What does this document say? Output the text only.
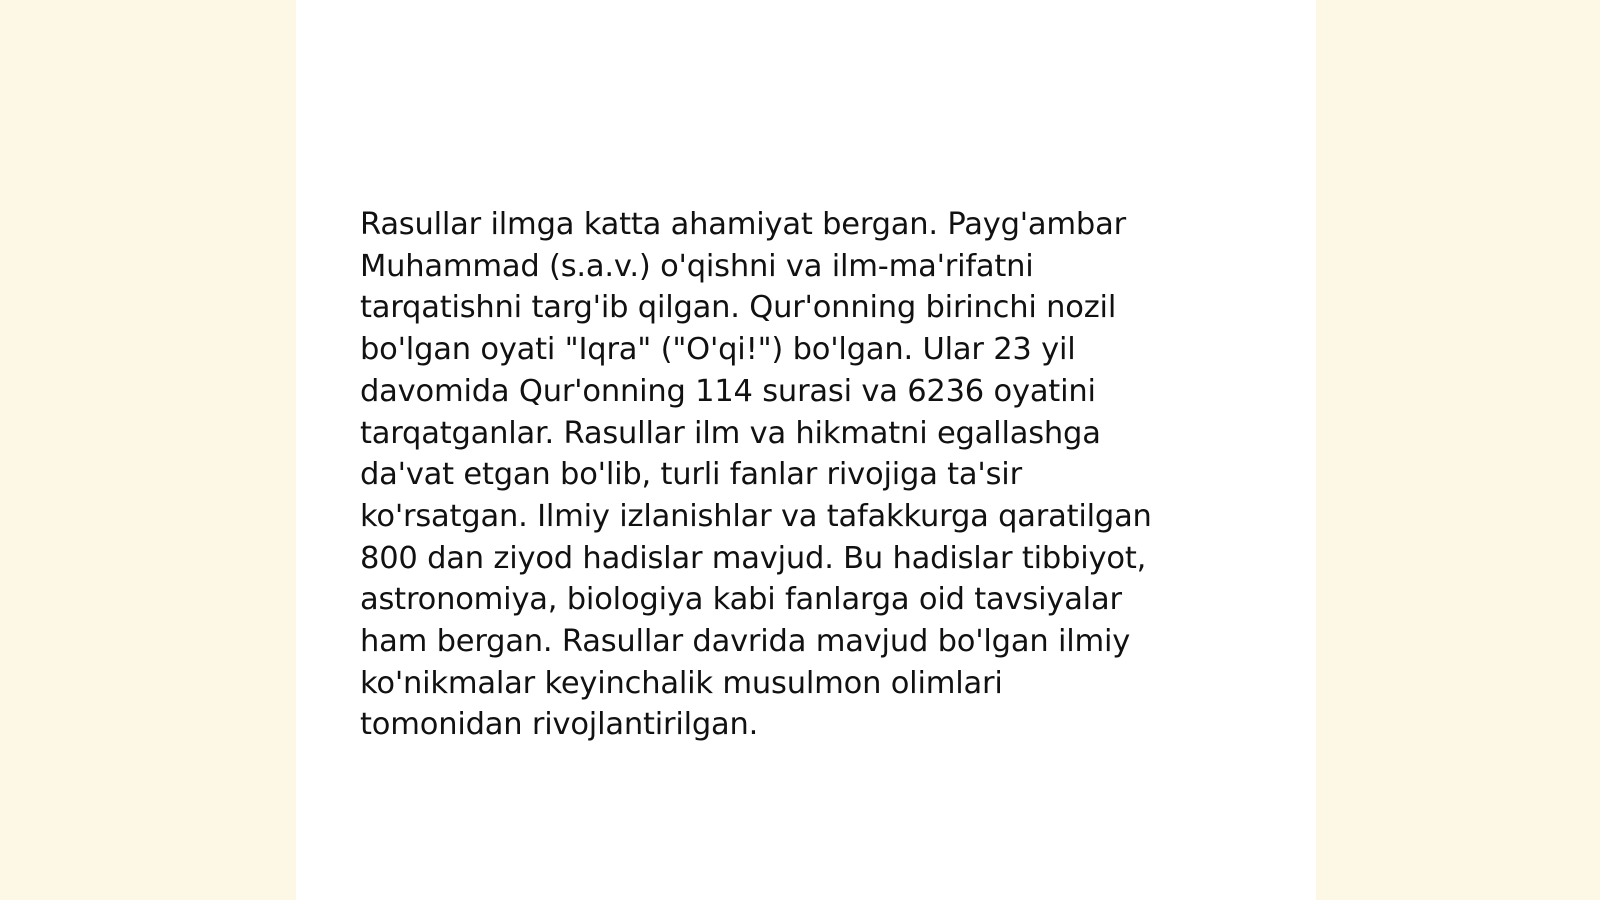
Rasullar ilmga katta ahamiyat bergan. Payg'ambar
Muhammad (s.a.v.) o'qishni va ilm-ma'rifatni
tarqatishni targ'ib qilgan. Qur'onning birinchi nozil
bo'lgan oyati "Iqra" ("O'qi!") bo'lgan. Ular 23 yil
davomida Qur'onning 114 surasi va 6236 oyatini
tarqatganlar. Rasullar ilm va hikmatni egallashga
da'vat etgan bo'lib, turli fanlar rivojiga ta'sir
ko'rsatgan. Ilmiy izlanishlar va tafakkurga qaratilgan
800 dan ziyod hadislar mavjud. Bu hadislar tibbiyot,
astronomiya, biologiya kabi fanlarga oid tavsiyalar
ham bergan. Rasullar davrida mavjud bo'lgan ilmiy
ko'nikmalar keyinchalik musulmon olimlari
tomonidan rivojlantirilgan.
